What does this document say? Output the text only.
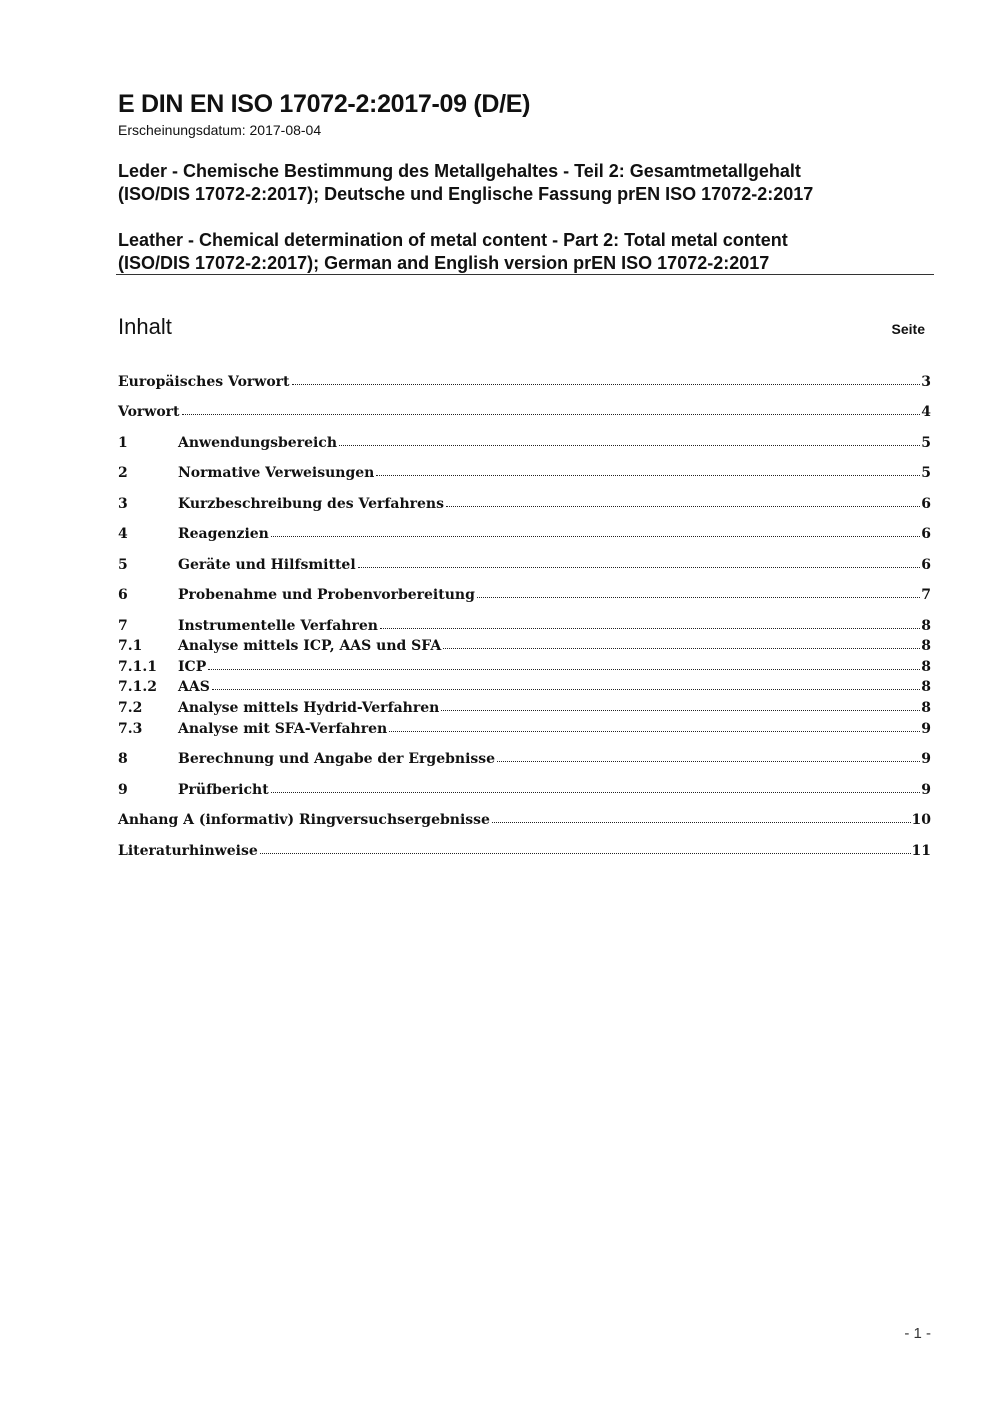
E DIN EN ISO 17072-2:2017-09 (D/E)
Erscheinungsdatum: 2017-08-04
Leder - Chemische Bestimmung des Metallgehaltes - Teil 2: Gesamtmetallgehalt
(ISO/DIS 17072-2:2017); Deutsche und Englische Fassung prEN ISO 17072-2:2017
Leather - Chemical determination of metal content - Part 2: Total metal content
(ISO/DIS 17072-2:2017); German and English version prEN ISO 17072-2:2017
Inhalt	Seite
Europäisches Vorwort	3
Vorwort	4
1	Anwendungsbereich	5
2	Normative Verweisungen	5
3	Kurzbeschreibung des Verfahrens	6
4	Reagenzien	6
5	Geräte und Hilfsmittel	6
6	Probenahme und Probenvorbereitung	7
7	Instrumentelle Verfahren	8
7.1	Analyse mittels ICP, AAS und SFA	8
7.1.1	ICP	8
7.1.2	AAS	8
7.2	Analyse mittels Hydrid-Verfahren	8
7.3	Analyse mit SFA-Verfahren	9
8	Berechnung und Angabe der Ergebnisse	9
9	Prüfbericht	9
Anhang A (informativ) Ringversuchsergebnisse	10
Literaturhinweise	11
- 1 -
